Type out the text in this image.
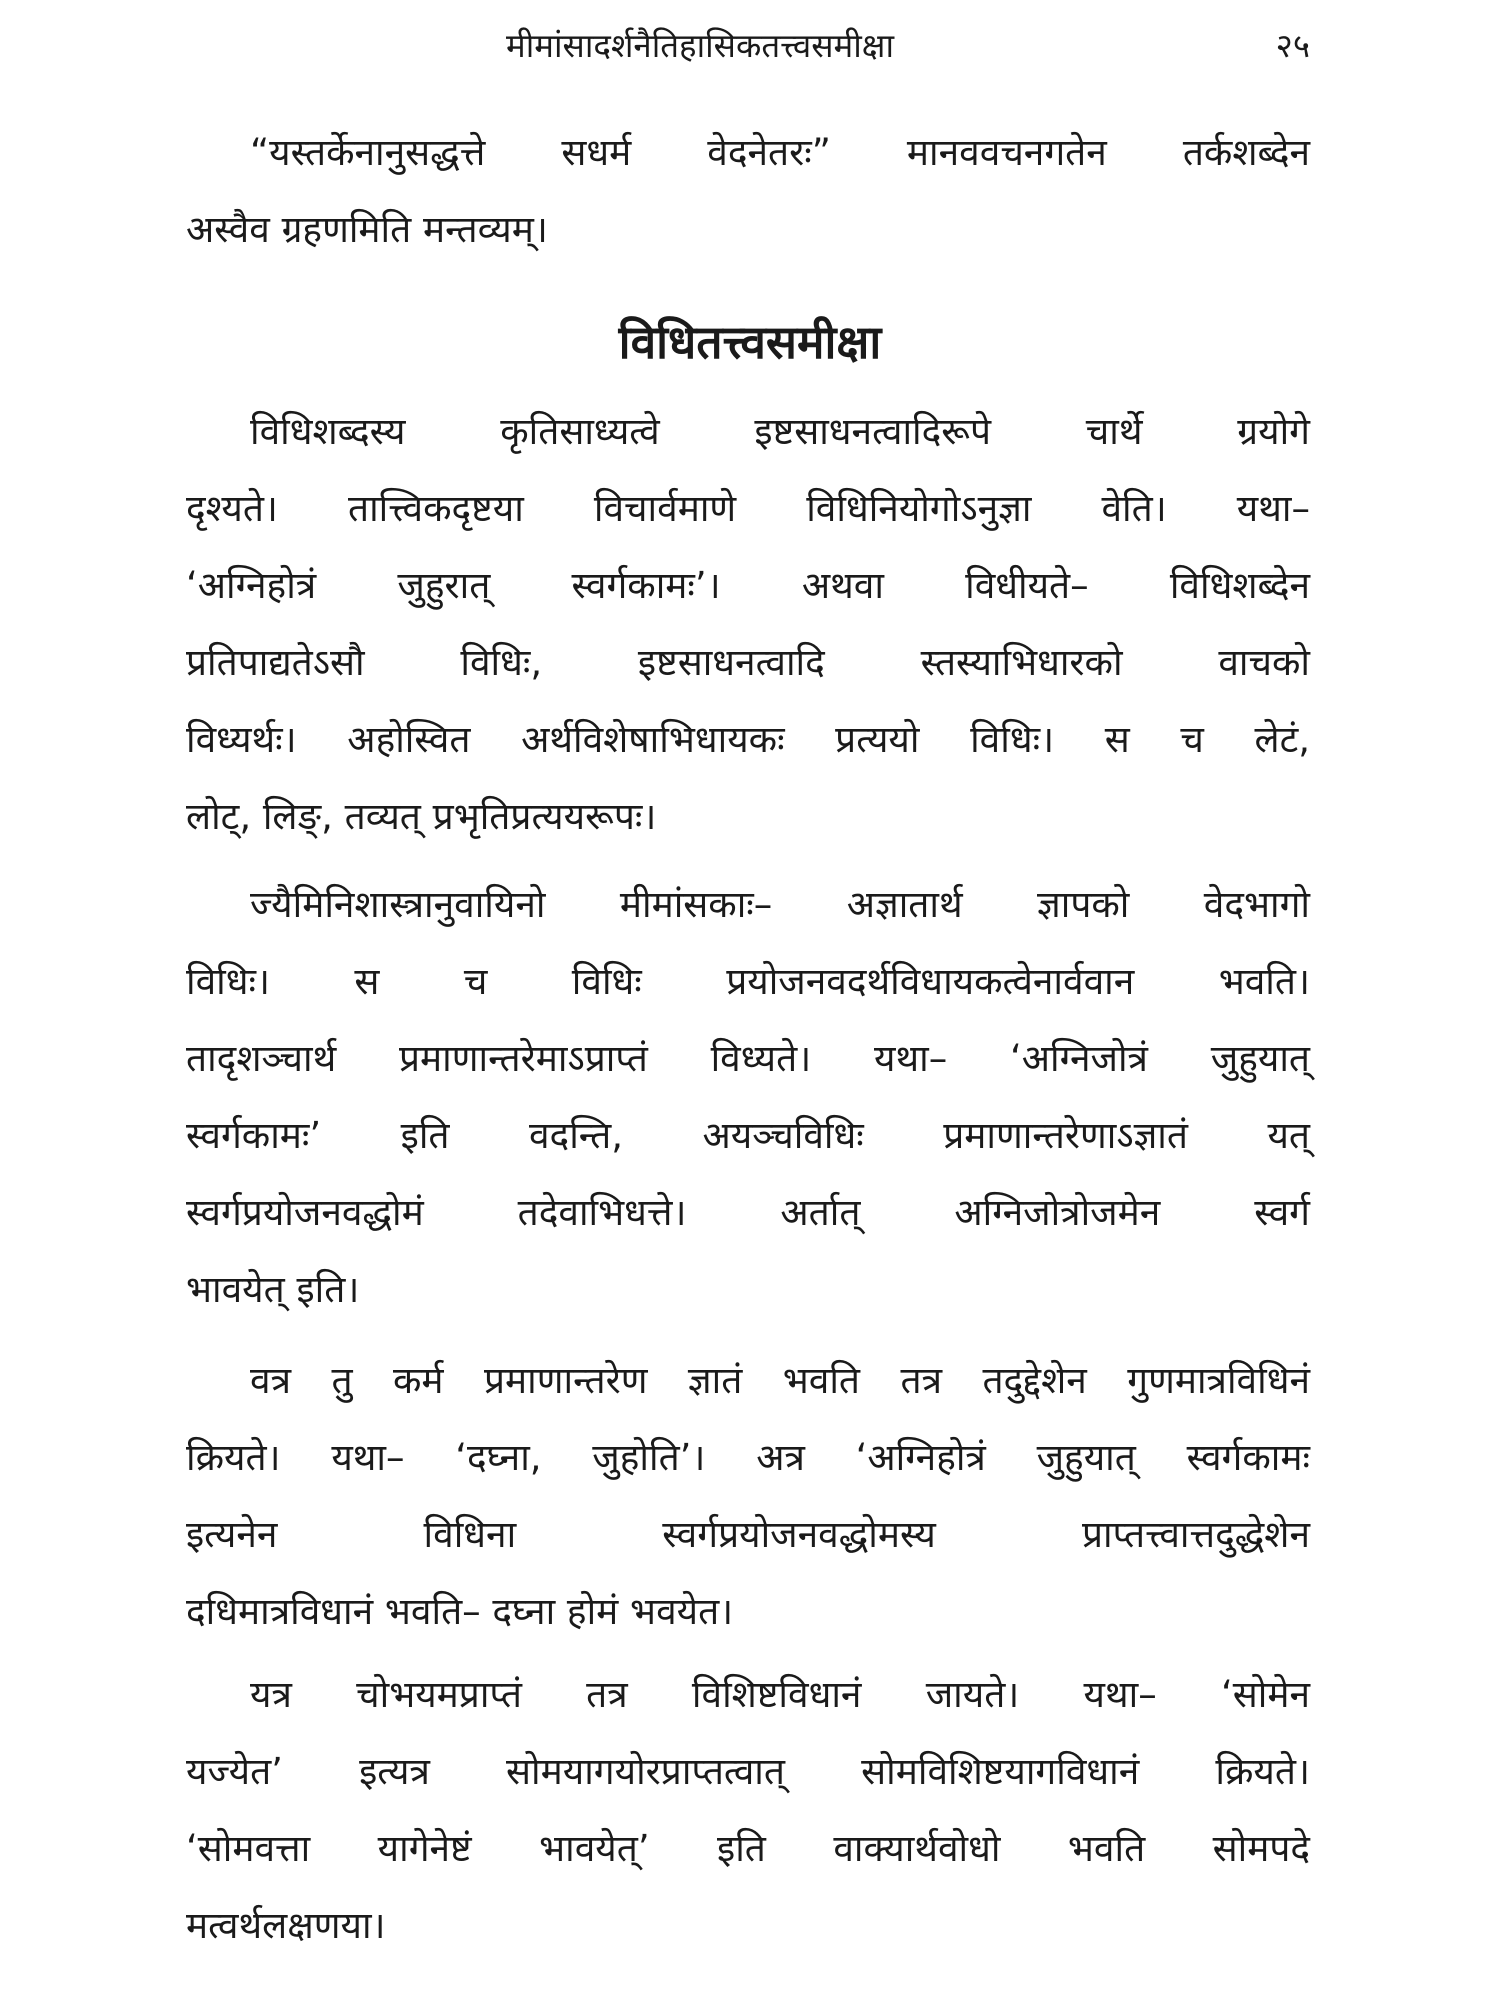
मीमांसादर्शनैतिहासिकतत्त्वसमीक्षा	२५
“यस्तर्केनानुसद्धत्ते सधर्म वेदनेतरः” मानववचनगतेन तर्कशब्देन
अस्वैव ग्रहणमिति मन्तव्यम्।
विधितत्त्वसमीक्षा
विधिशब्दस्य कृतिसाध्यत्वे इष्टसाधनत्वादिरूपे चार्थे ग्रयोगे
दृश्यते। तात्त्विकदृष्टया विचार्वमाणे विधिनियोगोऽनुज्ञा वेति। यथा–
‘अग्निहोत्रं जुहुरात् स्वर्गकामः’। अथवा विधीयते– विधिशब्देन
प्रतिपाद्यतेऽसौ विधिः, इष्टसाधनत्वादि स्तस्याभिधारको वाचको
विध्यर्थः। अहोस्वित अर्थविशेषाभिधायकः प्रत्ययो विधिः। स च लेटं,
लोट्, लिङ्, तव्यत् प्रभृतिप्रत्ययरूपः।
ज्यैमिनिशास्त्रानुवायिनो मीमांसकाः– अज्ञातार्थ ज्ञापको वेदभागो
विधिः। स च विधिः प्रयोजनवदर्थविधायकत्वेनार्ववान भवति।
तादृशञ्चार्थ प्रमाणान्तरेमाऽप्राप्तं विध्यते। यथा– ‘अग्निजोत्रं जुहुयात्
स्वर्गकामः’ इति वदन्ति, अयञ्चविधिः प्रमाणान्तरेणाऽज्ञातं यत्
स्वर्गप्रयोजनवद्धोमं तदेवाभिधत्ते। अर्तात् अग्निजोत्रोजमेन स्वर्ग
भावयेत् इति।
वत्र तु कर्म प्रमाणान्तरेण ज्ञातं भवति तत्र तदुद्देशेन गुणमात्रविधिनं
क्रियते। यथा– ‘दघ्ना, जुहोति’। अत्र ‘अग्निहोत्रं जुहुयात् स्वर्गकामः
इत्यनेन विधिना स्वर्गप्रयोजनवद्धोमस्य प्राप्तत्त्वात्तदुद्धेशेन
दधिमात्रविधानं भवति– दघ्ना होमं भवयेत।
यत्र चोभयमप्राप्तं तत्र विशिष्टविधानं जायते। यथा– ‘सोमेन
यज्येत’ इत्यत्र सोमयागयोरप्राप्तत्वात् सोमविशिष्टयागविधानं क्रियते।
‘सोमवत्ता यागेनेष्टं भावयेत्’ इति वाक्यार्थवोधो भवति सोमपदे
मत्वर्थलक्षणया।
